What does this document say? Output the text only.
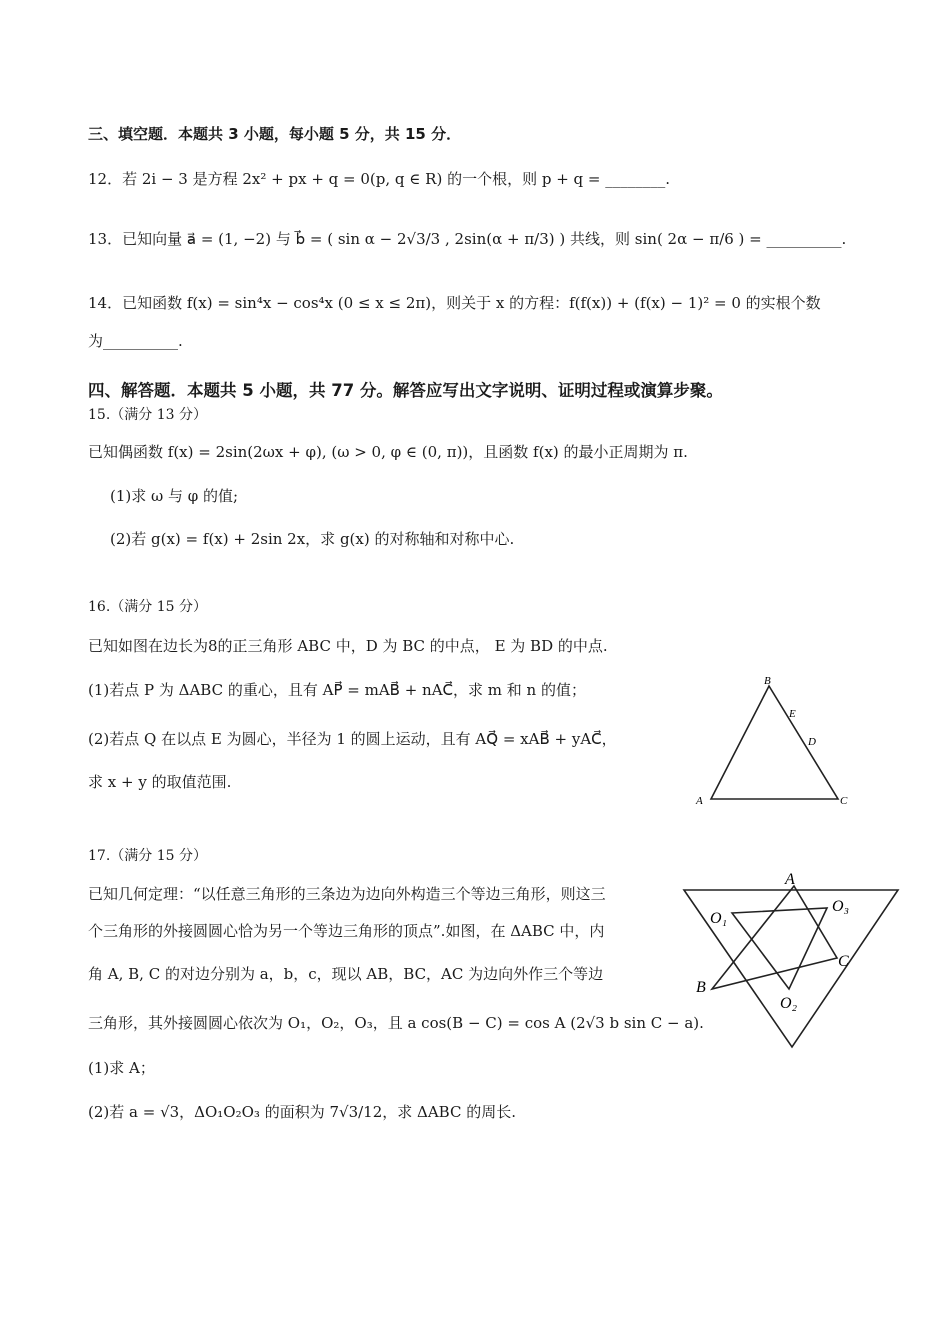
三、填空题．本题共 3 小题，每小题 5 分，共 15 分．
12．若 2i − 3 是方程 2x² + px + q = 0(p, q ∈ R) 的一个根，则 p + q = ________.
13．已知向量 a⃗ = (1, −2) 与 b⃗ = ( sin α − 2√3/3 , 2sin(α + π/3) ) 共线，则 sin( 2α − π/6 ) = __________.
14．已知函数 f(x) = sin⁴x − cos⁴x (0 ≤ x ≤ 2π)，则关于 x 的方程：f(f(x)) + (f(x) − 1)² = 0 的实根个数
为__________.
四、解答题．本题共 5 小题，共 77 分。解答应写出文字说明、证明过程或演算步聚。
15.（满分 13 分）
已知偶函数 f(x) = 2sin(2ωx + φ), (ω > 0, φ ∈ (0, π))，且函数 f(x) 的最小正周期为 π.
(1)求 ω 与 φ 的值;
(2)若 g(x) = f(x) + 2sin 2x，求 g(x) 的对称轴和对称中心.
16.（满分 15 分）
已知如图在边长为8的正三角形 ABC 中，D 为 BC 的中点， E 为 BD 的中点.
(1)若点 P 为 ΔABC 的重心，且有 AP⃗ = mAB⃗ + nAC⃗，求 m 和 n 的值；
(2)若点 Q 在以点 E 为圆心，半径为 1 的圆上运动，且有 AQ⃗ = xAB⃗ + yAC⃗，
求 x + y 的取值范围.
A
B
C
D
E
17.（满分 15 分）
已知几何定理：“以任意三角形的三条边为边向外构造三个等边三角形，则这三
个三角形的外接圆圆心恰为另一个等边三角形的顶点”.如图，在 ΔABC 中，内
角 A, B, C 的对边分别为 a，b，c，现以 AB，BC，AC 为边向外作三个等边
三角形，其外接圆圆心依次为 O₁，O₂，O₃，且 a cos(B − C) = cos A (2√3 b sin C − a).
(1)求 A；
(2)若 a = √3，ΔO₁O₂O₃ 的面积为 7√3/12，求 ΔABC 的周长.
A
B
C
O₁
O₂
O₃
